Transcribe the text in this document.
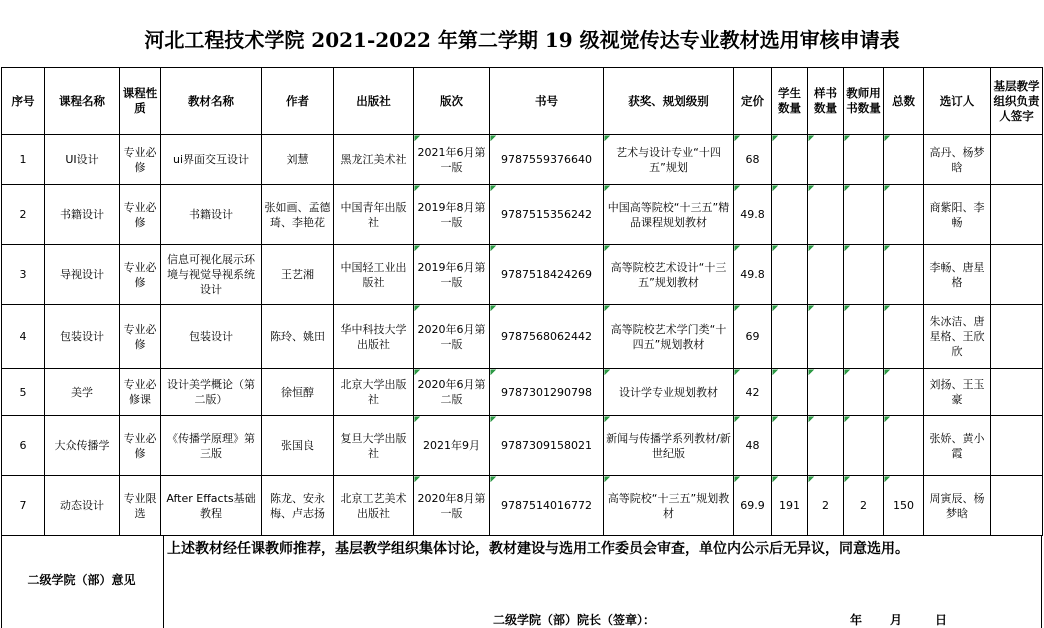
河北工程技术学院 2021-2022 年第二学期 19 级视觉传达专业教材选用审核申请表
序号	课程名称	课程性质	教材名称	作者	出版社	版次	书号	获奖、规划级别	定价	学生数量	样书数量	教师用书数量	总数	选订人	基层教学组织负责人签字
1	UI设计	专业必修	ui界面交互设计	刘慧	黑龙江美术社	2021年6月第一版	9787559376640	艺术与设计专业“十四五”规划	68					高丹、杨梦晗	
2	书籍设计	专业必修	书籍设计	张如画、孟德琦、李艳花	中国青年出版社	2019年8月第一版	9787515356242	中国高等院校“十三五”精品课程规划教材	49.8					商紫阳、李畅	
3	导视设计	专业必修	信息可视化展示环境与视觉导视系统设计	王艺湘	中国轻工业出版社	2019年6月第一版	9787518424269	高等院校艺术设计“十三五”规划教材	49.8					李畅、唐星格	
4	包装设计	专业必修	包装设计	陈玲、姚田	华中科技大学出版社	2020年6月第一版	9787568062442	高等院校艺术学门类“十四五”规划教材	69					朱冰洁、唐星格、王欣欣	
5	美学	专业必修课	设计美学概论（第二版）	徐恒醇	北京大学出版社	2020年6月第二版	9787301290798	设计学专业规划教材	42					刘扬、王玉豪	
6	大众传播学	专业必修	《传播学原理》第三版	张国良	复旦大学出版社	2021年9月	9787309158021	新闻与传播学系列教材/新世纪版	48					张娇、黄小霞	
7	动态设计	专业限选	After Effacts基础教程	陈龙、安永梅、卢志扬	北京工艺美术出版社	2020年8月第一版	9787514016772	高等院校“十三五”规划教材	69.9	191	2	2	150	周寅辰、杨梦晗	
上述教材经任课教师推荐，基层教学组织集体讨论，教材建设与选用工作委员会审查，单位内公示后无异议，同意选用。
二级学院（部）意见
二级学院（部）院长（签章）：	年 月	日
